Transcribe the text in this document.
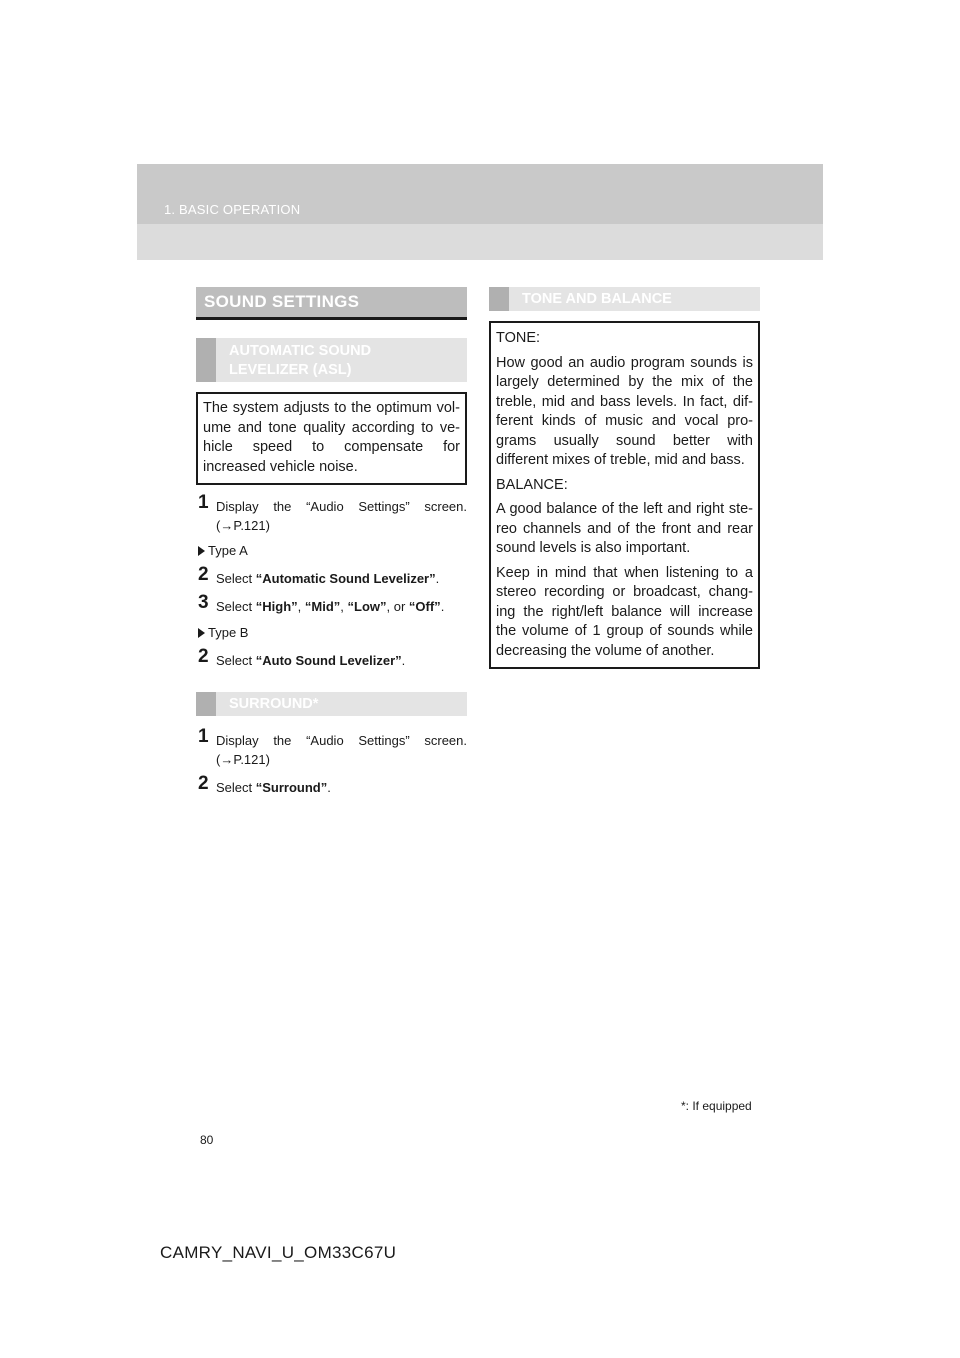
1. BASIC OPERATION
SOUND SETTINGS
AUTOMATIC SOUND
LEVELIZER (ASL)

The system adjusts to the optimum vol-ume and tone quality according to ve-hicle speed to compensate for increased vehicle noise.

1 Display the “Audio Settings” screen. (→P.121)
Type A
2 Select “Automatic Sound Levelizer”.
3 Select “High”, “Mid”, “Low”, or “Off”.
Type B
2 Select “Auto Sound Levelizer”.
SURROUND*
1 Display the “Audio Settings” screen. (→P.121)
2 Select “Surround”.
TONE AND BALANCE

TONE:

How good an audio program sounds is largely determined by the mix of the treble, mid and bass levels. In fact, dif-ferent kinds of music and vocal pro-grams usually sound better with different mixes of treble, mid and bass.

BALANCE:

A good balance of the left and right ste-reo channels and of the front and rear sound levels is also important.

Keep in mind that when listening to a stereo recording or broadcast, chang-ing the right/left balance will increase the volume of 1 group of sounds while decreasing the volume of another.

*: If equipped
80
CAMRY_NAVI_U_OM33C67U
